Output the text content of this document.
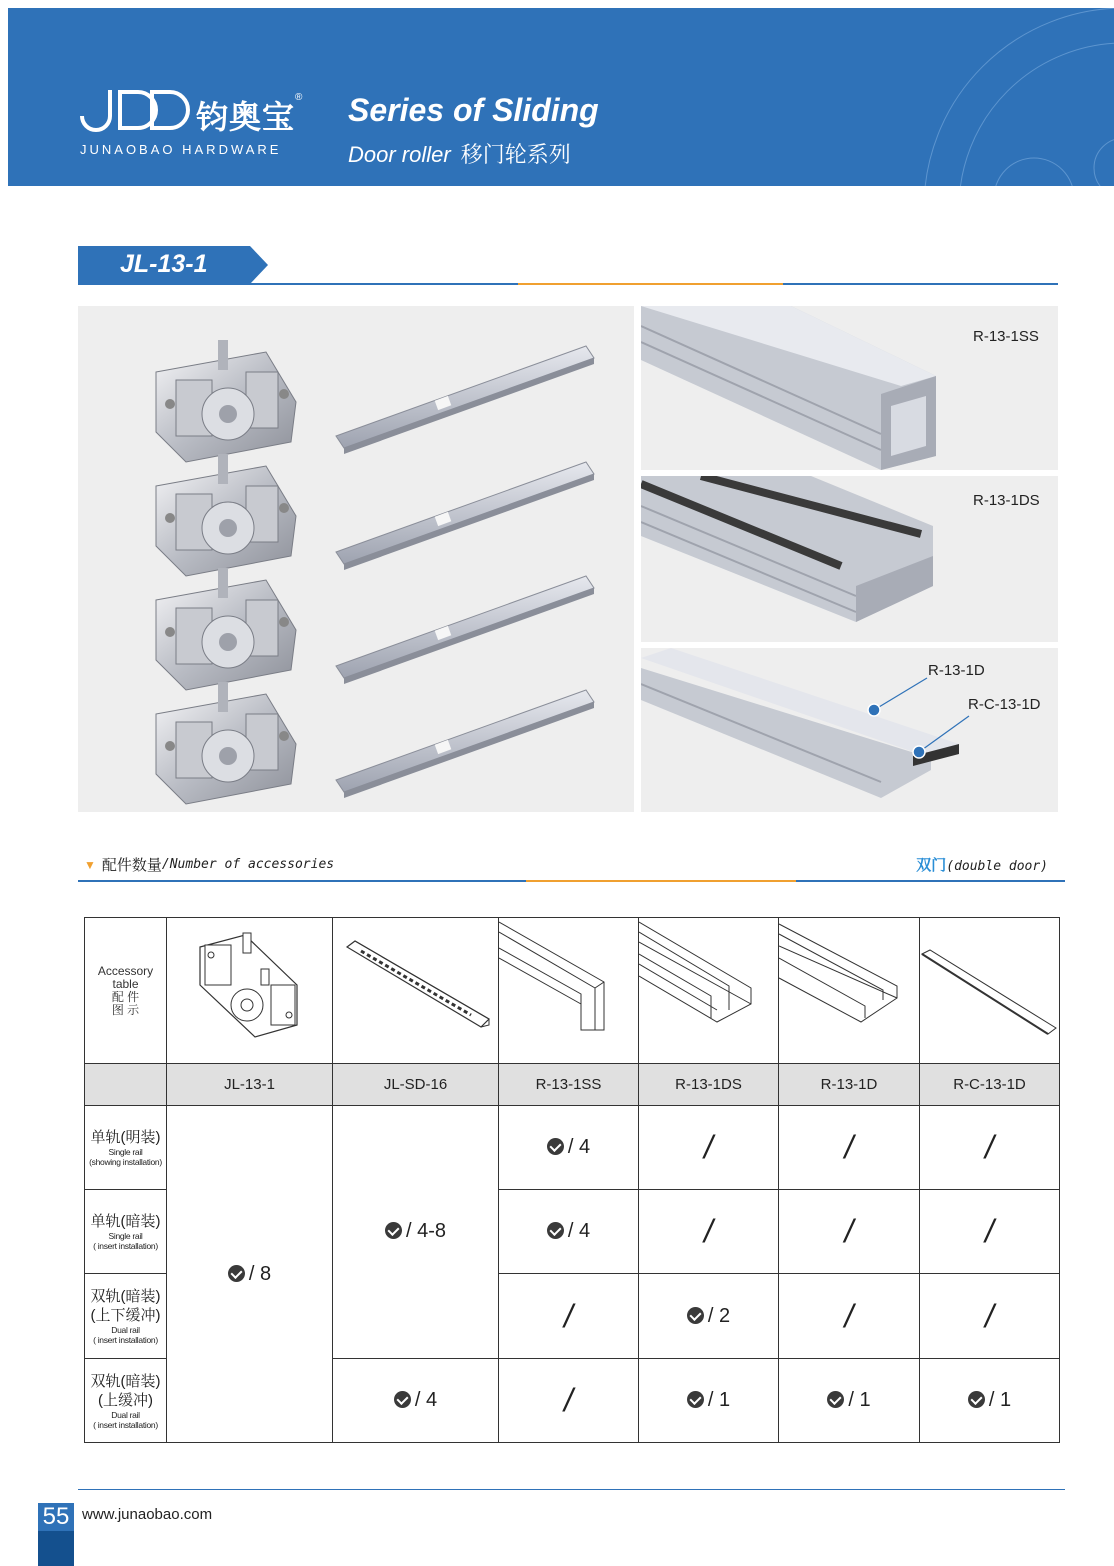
钧奥宝
®
JUNAOBAO HARDWARE
Series of Sliding
Door roller 移门轮系列
JL-13-1
R-13-1SS
R-13-1DS
R-13-1D
R-C-13-1D
▼ 配件数量 /Number of accessories	双门(double door)
Accessory
table
配 件
图 示

	JL-13-1	JL-SD-16	R-13-1SS	R-13-1DS	R-13-1D	R-C-13-1D

单轨(明装)
Single rail
(showing installation)	/ 8		/ 4	/	/	/

单轨(暗装)
Single rail
( insert installation)		/ 4-8	/ 4	/	/	/

双轨(暗装)
(上下缓冲)
Dual rail
( insert installation)			/	/ 2	/	/

双轨(暗装)
(上缓冲)
Dual rail
( insert installation)		/ 4	/	/ 1	/ 1	/ 1
55 www.junaobao.com
